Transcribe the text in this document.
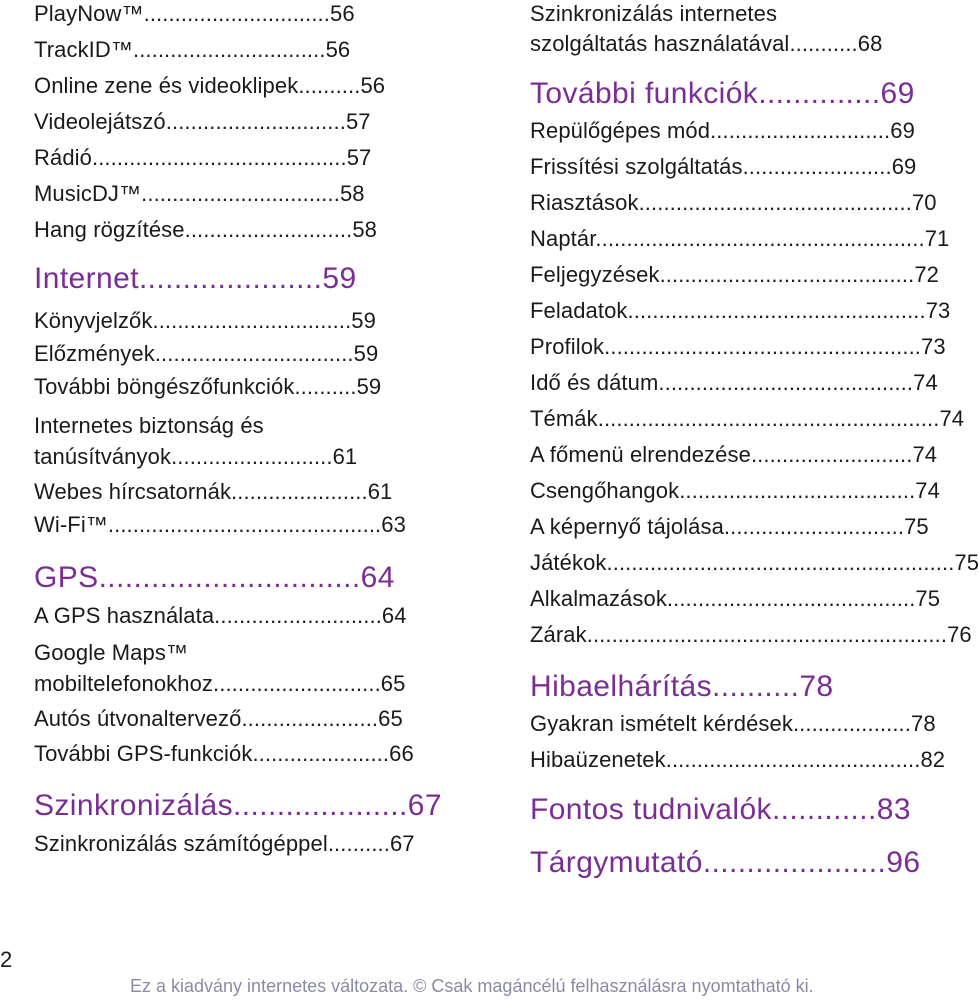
PlayNow™..............................56
TrackID™...............................56
Online zene és videoklipek..........56
Videolejátszó.............................57
Rádió.........................................57
MusicDJ™................................58
Hang rögzítése...........................58
Internet.....................59
Könyvjelzők................................59
Előzmények................................59
További böngészőfunkciók..........59
Internetes biztonság és
tanúsítványok..........................61
Webes hírcsatornák......................61
Wi-Fi™............................................63
GPS..............................64
A GPS használata...........................64
Google Maps™
mobiltelefonokhoz...........................65
Autós útvonaltervező......................65
További GPS-funkciók......................66
Szinkronizálás....................67
Szinkronizálás számítógéppel..........67
Szinkronizálás internetes
szolgáltatás használatával...........68
További funkciók..............69
Repülőgépes mód.............................69
Frissítési szolgáltatás........................69
Riasztások............................................70
Naptár.....................................................71
Feljegyzések.........................................72
Feladatok................................................73
Profilok...................................................73
Idő és dátum.........................................74
Témák.......................................................74
A főmenü elrendezése..........................74
Csengőhangok......................................74
A képernyő tájolása.............................75
Játékok........................................................75
Alkalmazások........................................75
Zárak..........................................................76
Hibaelhárítás..........78
Gyakran ismételt kérdések...................78
Hibaüzenetek.........................................82
Fontos tudnivalók............83
Tárgymutató.....................96
2
Ez a kiadvány internetes változata. © Csak magáncélú felhasználásra nyomtatható ki.
